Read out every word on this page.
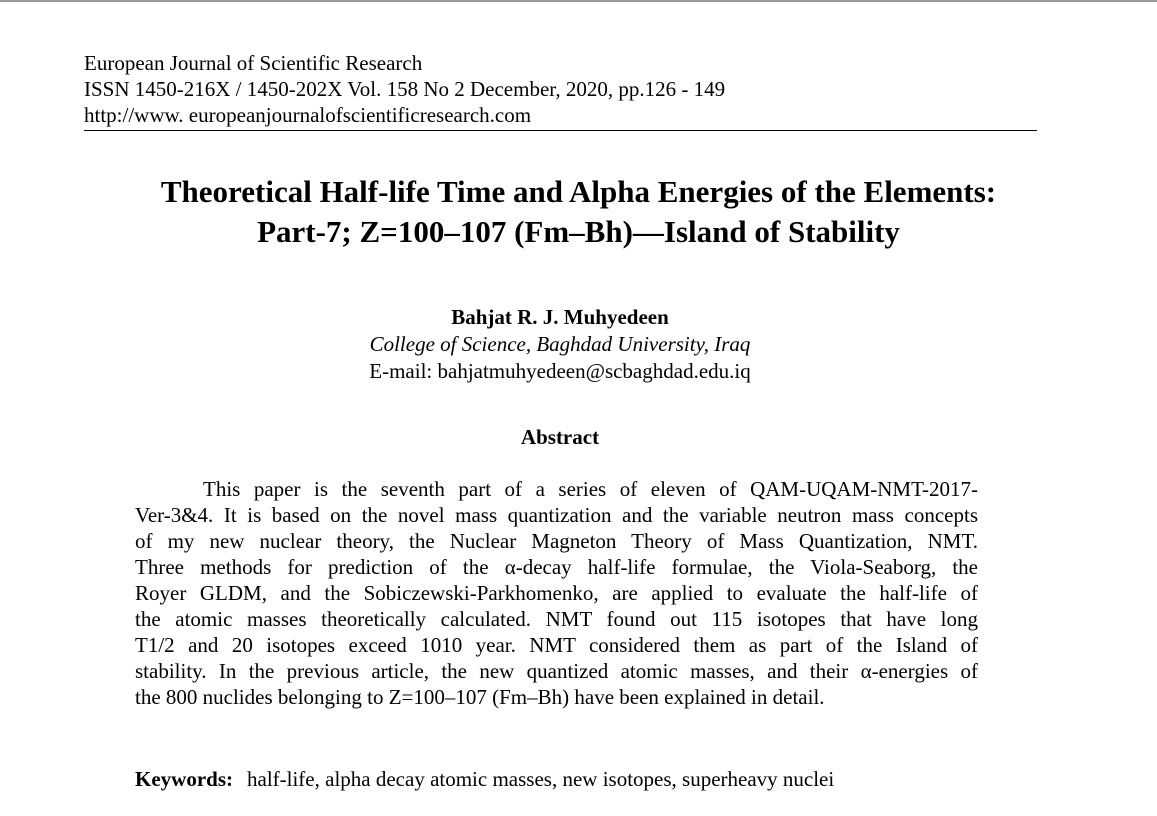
European Journal of Scientific Research
ISSN 1450-216X / 1450-202X Vol. 158 No 2 December, 2020, pp.126 - 149
http://www. europeanjournalofscientificresearch.com
Theoretical Half-life Time and Alpha Energies of the Elements:
Part-7; Z=100–107 (Fm–Bh)—Island of Stability
Bahjat R. J. Muhyedeen
College of Science, Baghdad University, Iraq
E-mail: bahjatmuhyedeen@scbaghdad.edu.iq
Abstract
This paper is the seventh part of a series of eleven of QAM-UQAM-NMT-2017-
Ver-3&4. It is based on the novel mass quantization and the variable neutron mass concepts
of my new nuclear theory, the Nuclear Magneton Theory of Mass Quantization, NMT.
Three methods for prediction of the α-decay half-life formulae, the Viola-Seaborg, the
Royer GLDM, and the Sobiczewski-Parkhomenko, are applied to evaluate the half-life of
the atomic masses theoretically calculated. NMT found out 115 isotopes that have long
T1/2 and 20 isotopes exceed 1010 year. NMT considered them as part of the Island of
stability. In the previous article, the new quantized atomic masses, and their α-energies of
the 800 nuclides belonging to Z=100–107 (Fm–Bh) have been explained in detail.
Keywords: half-life, alpha decay atomic masses, new isotopes, superheavy nuclei
